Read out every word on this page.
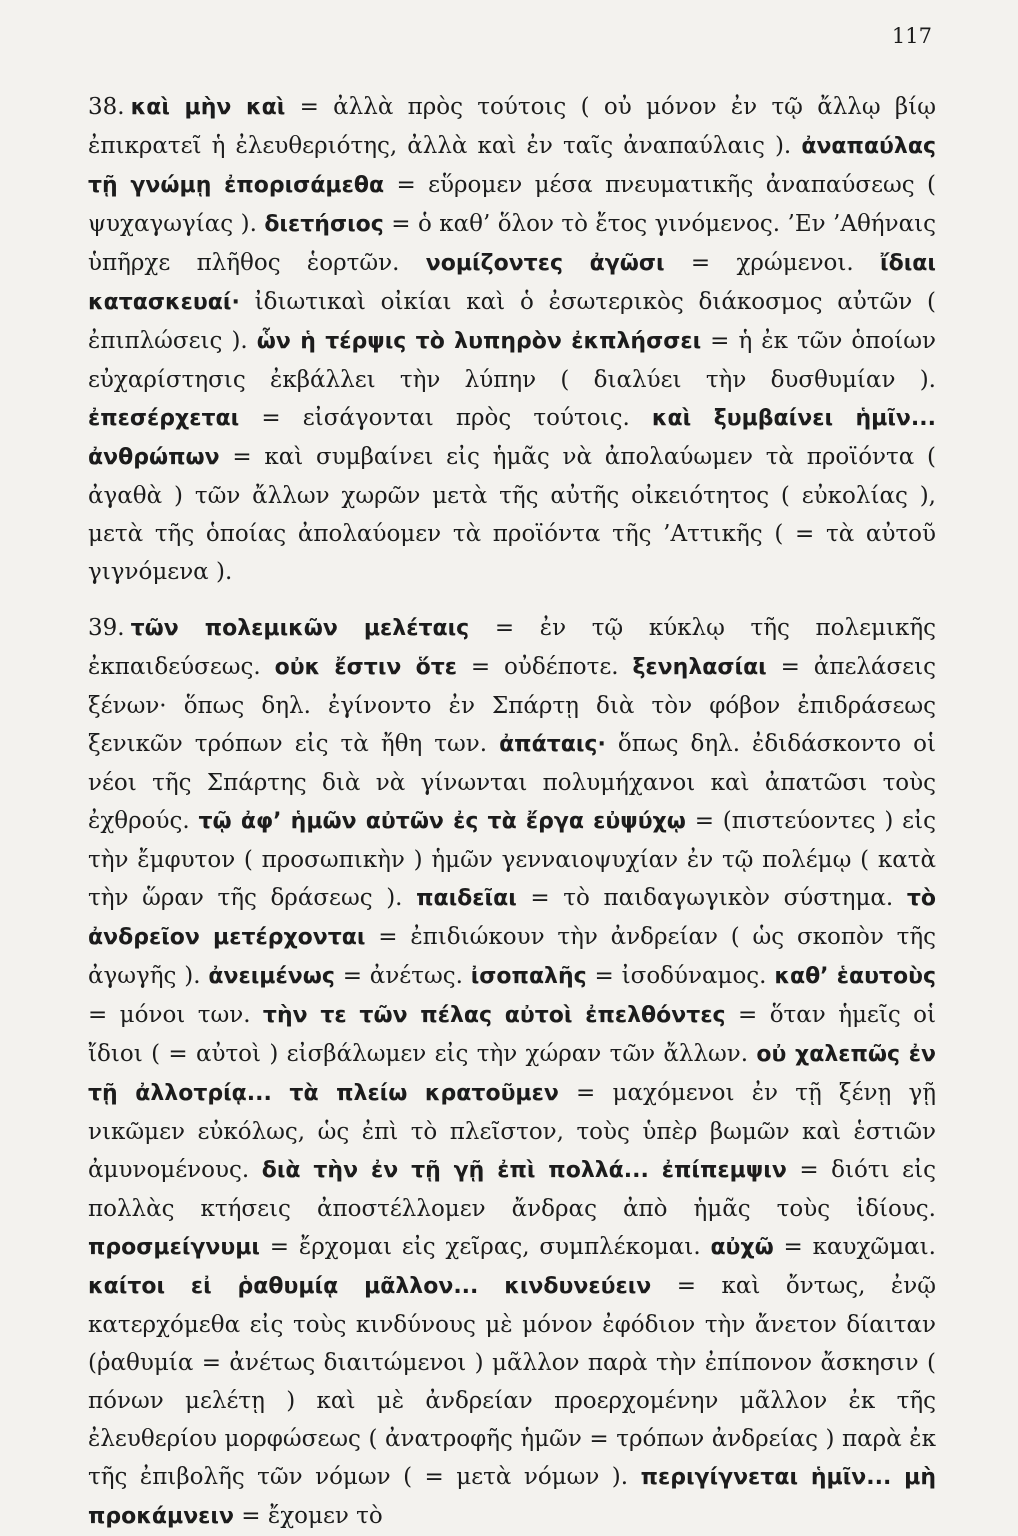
117

38. καὶ μὴν καὶ = ἀλλὰ πρὸς τούτοις ( οὐ μόνον ἐν τῷ ἄλλῳ βίῳ ἐπικρατεῖ ἡ ἐλευθεριότης, ἀλλὰ καὶ ἐν ταῖς ἀναπαύλαις ). ἀναπαύλας τῇ γνώμῃ ἐπορισάμεθα = εὕρομεν μέσα πνευματικῆς ἀναπαύσεως ( ψυχαγωγίας ). διετήσιος = ὁ καθ’ ὅλον τὸ ἔτος γινόμενος. ’Εν ’Αθήναις ὑπῆρχε πλῆθος ἑορτῶν. νομίζοντες ἀγῶσι = χρώμενοι. ἴδιαι κατασκευαί· ἰδιωτικαὶ οἰκίαι καὶ ὁ ἐσωτερικὸς διάκοσμος αὐτῶν ( ἐπιπλώσεις ). ὧν ἡ τέρψις τὸ λυπηρὸν ἐκπλήσσει = ἡ ἐκ τῶν ὁποίων εὐχαρίστησις ἐκβάλλει τὴν λύπην ( διαλύει τὴν δυσθυμίαν ). ἐπεσέρχεται = εἰσάγονται πρὸς τούτοις. καὶ ξυμβαίνει ἡμῖν... ἀνθρώπων = καὶ συμβαίνει εἰς ἡμᾶς νὰ ἀπολαύωμεν τὰ προϊόντα ( ἀγαθὰ ) τῶν ἄλλων χωρῶν μετὰ τῆς αὐτῆς οἰκειότητος ( εὐκολίας ), μετὰ τῆς ὁποίας ἀπολαύομεν τὰ προϊόντα τῆς ’Αττικῆς ( = τὰ αὐτοῦ γιγνόμενα ).

39. τῶν πολεμικῶν μελέταις = ἐν τῷ κύκλῳ τῆς πολεμικῆς ἐκπαιδεύσεως. οὐκ ἔστιν ὅτε = οὐδέποτε. ξενηλασίαι = ἀπελάσεις ξένων· ὅπως δηλ. ἐγίνοντο ἐν Σπάρτῃ διὰ τὸν φόβον ἐπιδράσεως ξενικῶν τρόπων εἰς τὰ ἤθη των. ἀπάταις· ὅπως δηλ. ἐδιδάσκοντο οἱ νέοι τῆς Σπάρτης διὰ νὰ γίνωνται πολυμήχανοι καὶ ἀπατῶσι τοὺς ἐχθρούς. τῷ ἀφ’ ἡμῶν αὐτῶν ἐς τὰ ἔργα εὐψύχῳ = (πιστεύοντες ) εἰς τὴν ἔμφυτον ( προσωπικὴν ) ἡμῶν γενναιοψυχίαν ἐν τῷ πολέμῳ ( κατὰ τὴν ὥραν τῆς δράσεως ). παιδεῖαι = τὸ παιδαγωγικὸν σύστημα. τὸ ἀνδρεῖον μετέρχονται = ἐπιδιώκουν τὴν ἀνδρείαν ( ὡς σκοπὸν τῆς ἀγωγῆς ). ἀνειμένως = ἀνέτως. ἰσοπαλῆς = ἰσοδύναμος. καθ’ ἑαυτοὺς = μόνοι των. τὴν τε τῶν πέλας αὐτοὶ ἐπελθόντες = ὅταν ἡμεῖς οἱ ἴδιοι ( = αὐτοὶ ) εἰσβάλωμεν εἰς τὴν χώραν τῶν ἄλλων. οὐ χαλεπῶς ἐν τῇ ἀλλοτρίᾳ... τὰ πλείω κρατοῦμεν = μαχόμενοι ἐν τῇ ξένῃ γῇ νικῶμεν εὐκόλως, ὡς ἐπὶ τὸ πλεῖστον, τοὺς ὑπὲρ βωμῶν καὶ ἑστιῶν ἀμυνομένους. διὰ τὴν ἐν τῇ γῇ ἐπὶ πολλά... ἐπίπεμψιν = διότι εἰς πολλὰς κτήσεις ἀποστέλλομεν ἄνδρας ἀπὸ ἡμᾶς τοὺς ἰδίους. προσμείγνυμι = ἔρχομαι εἰς χεῖρας, συμπλέκομαι. αὐχῶ = καυχῶμαι. καίτοι εἰ ῥαθυμίᾳ μᾶλλον... κινδυνεύειν = καὶ ὄντως, ἐνῷ κατερχόμεθα εἰς τοὺς κινδύνους μὲ μόνον ἐφόδιον τὴν ἄνετον δίαιταν (ῥαθυμία = ἀνέτως διαιτώμενοι ) μᾶλλον παρὰ τὴν ἐπίπονον ἄσκησιν ( πόνων μελέτῃ ) καὶ μὲ ἀνδρείαν προερχομένην μᾶλλον ἐκ τῆς ἐλευθερίου μορφώσεως ( ἀνατροφῆς ἡμῶν = τρόπων ἀνδρείας ) παρὰ ἐκ τῆς ἐπιβολῆς τῶν νόμων ( = μετὰ νόμων ). περιγίγνεται ἡμῖν... μὴ προκάμνειν = ἔχομεν τὸ
